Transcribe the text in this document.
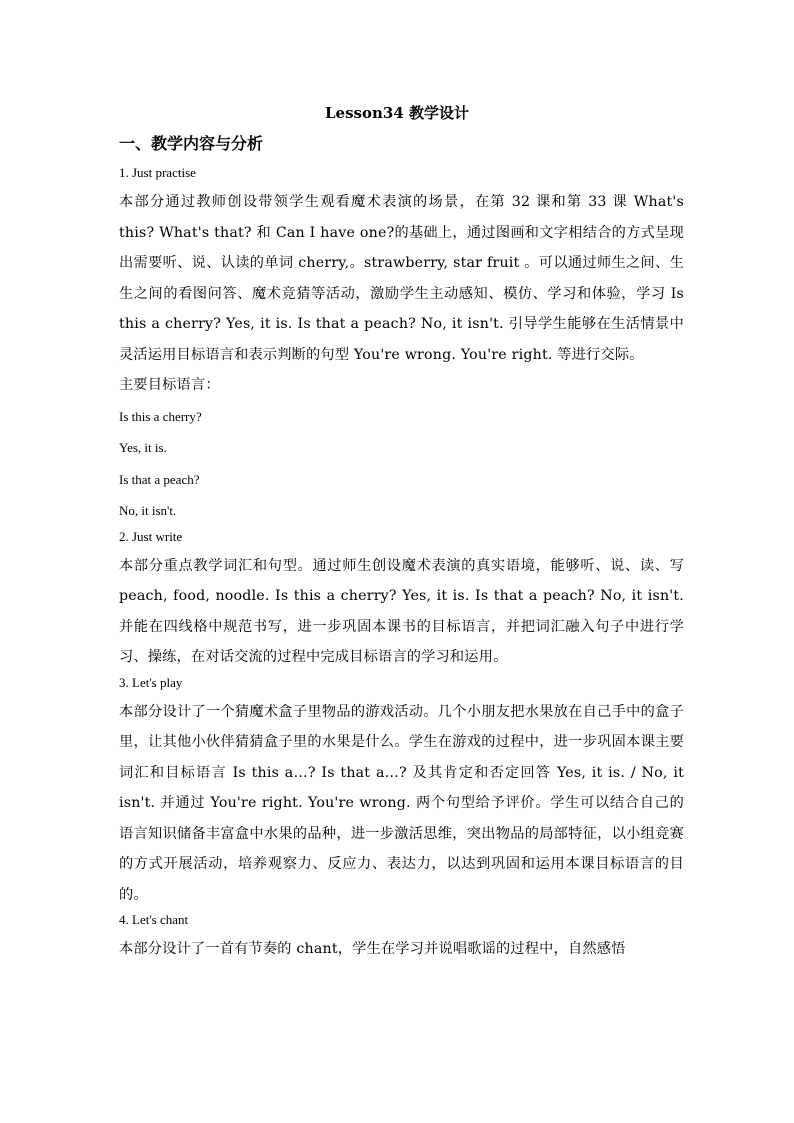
Lesson34 教学设计
一、教学内容与分析
1. Just practise

本部分通过教师创设带领学生观看魔术表演的场景，在第 32 课和第 33 课 What's this? What's that? 和 Can I have one?的基础上，通过图画和文字相结合的方式呈现出需要听、说、认读的单词 cherry,。strawberry, star fruit 。可以通过师生之间、生生之间的看图问答、魔术竞猜等活动，激励学生主动感知、模仿、学习和体验，学习 Is this a cherry? Yes, it is. Is that a peach? No, it isn't. 引导学生能够在生活情景中灵活运用目标语言和表示判断的句型 You're wrong. You're right. 等进行交际。

主要目标语言：

Is this a cherry?

Yes, it is.

Is that a peach?

No, it isn't.

2. Just write

本部分重点教学词汇和句型。通过师生创设魔术表演的真实语境，能够听、说、读、写 peach, food, noodle. Is this a cherry? Yes, it is. Is that a peach? No, it isn't. 并能在四线格中规范书写，进一步巩固本课书的目标语言，并把词汇融入句子中进行学习、操练，在对话交流的过程中完成目标语言的学习和运用。

3. Let's play

本部分设计了一个猜魔术盒子里物品的游戏活动。几个小朋友把水果放在自己手中的盒子里，让其他小伙伴猜猜盒子里的水果是什么。学生在游戏的过程中，进一步巩固本课主要词汇和目标语言 Is this a…? Is that a…? 及其肯定和否定回答 Yes, it is. / No, it isn't. 并通过 You're right. You're wrong. 两个句型给予评价。学生可以结合自己的语言知识储备丰富盒中水果的品种，进一步激活思维，突出物品的局部特征，以小组竞赛的方式开展活动，培养观察力、反应力、表达力，以达到巩固和运用本课目标语言的目的。

4. Let's chant

本部分设计了一首有节奏的 chant，学生在学习并说唱歌谣的过程中，自然感悟
